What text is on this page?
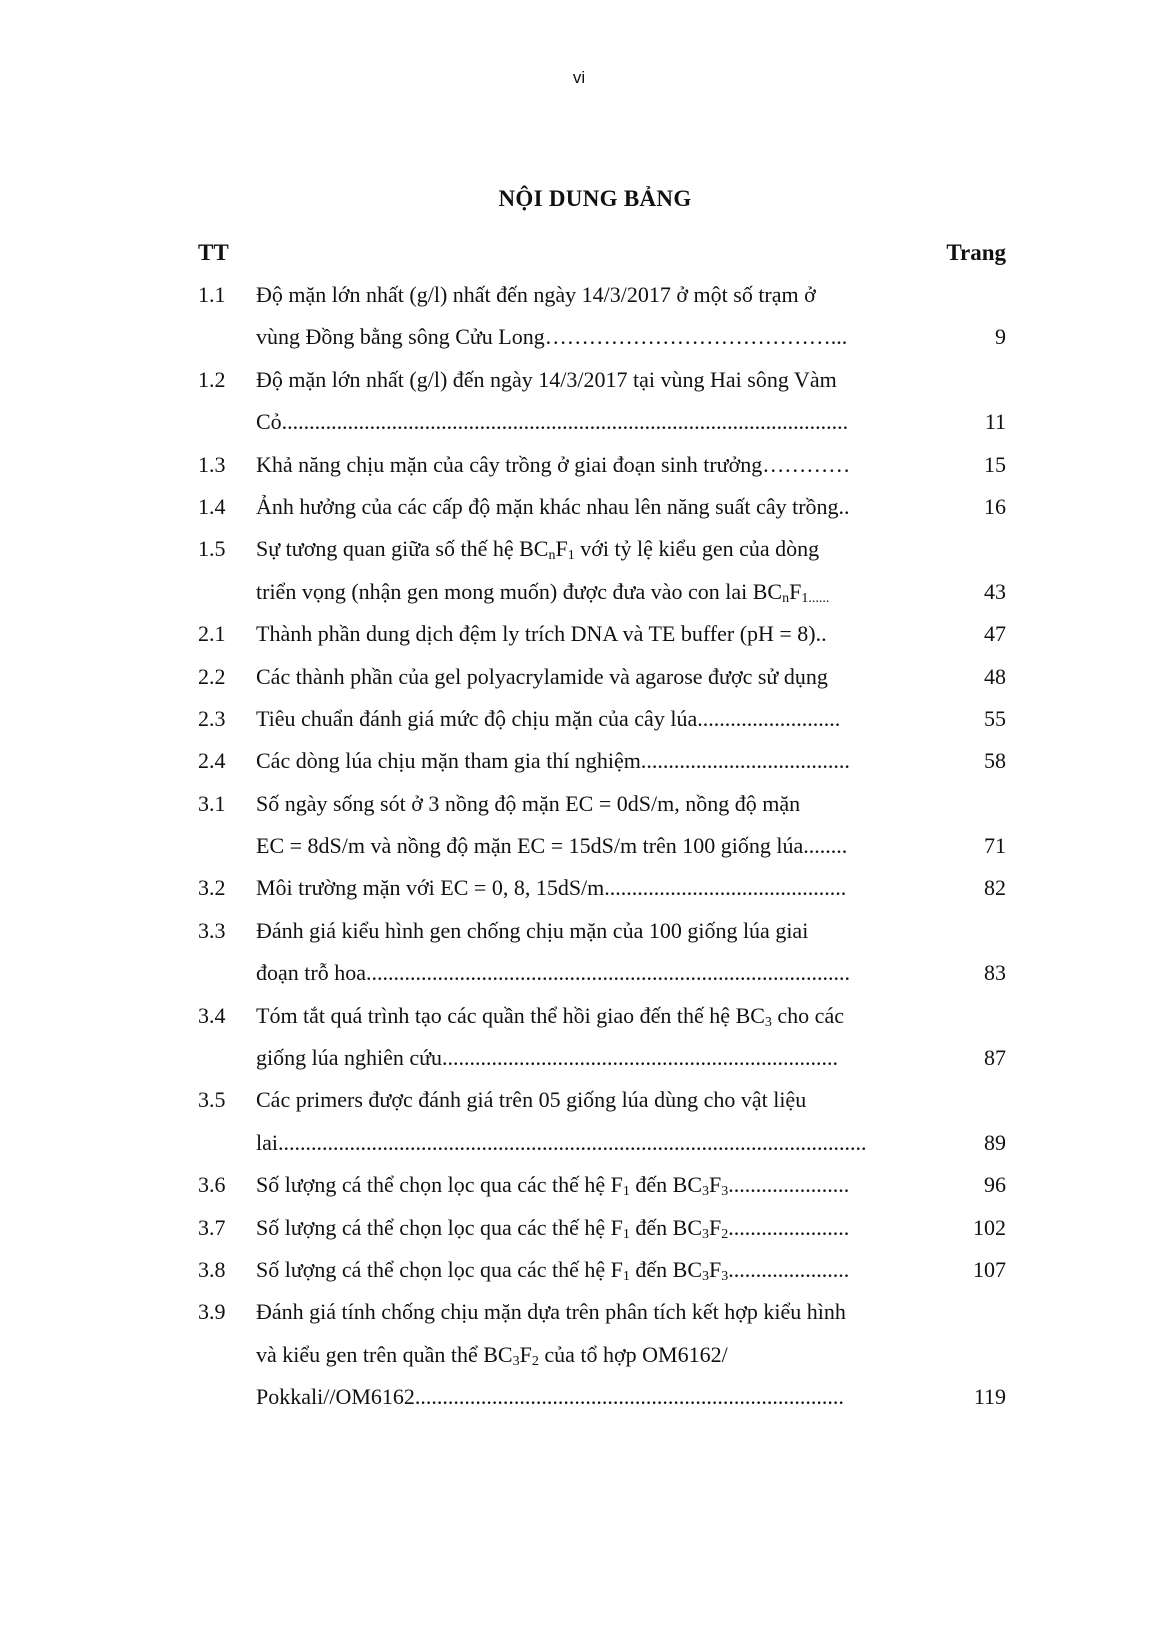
vi
NỘI DUNG BẢNG
TT	Trang
1.1 Độ mặn lớn nhất (g/l) nhất đến ngày 14/3/2017 ở một số trạm ở
vùng Đồng bằng sông Cửu Long…………………………………...	9
1.2 Độ mặn lớn nhất (g/l) đến ngày 14/3/2017 tại vùng Hai sông Vàm
Cỏ.......................................................................................................	11
1.3 Khả năng chịu mặn của cây trồng ở giai đoạn sinh trưởng…………	15
1.4 Ảnh hưởng của các cấp độ mặn khác nhau lên năng suất cây trồng..	16
1.5 Sự tương quan giữa số thế hệ $BC_nF_1$ với tỷ lệ kiểu gen của dòng
triển vọng (nhận gen mong muốn) được đưa vào con lai $BC_nF_{1......}$	43
2.1 Thành phần dung dịch đệm ly trích DNA và TE buffer (pH = 8)..	47
2.2 Các thành phần của gel polyacrylamide và agarose được sử dụng	48
2.3 Tiêu chuẩn đánh giá mức độ chịu mặn của cây lúa..........................	55
2.4 Các dòng lúa chịu mặn tham gia thí nghiệm......................................	58
3.1 Số ngày sống sót ở 3 nồng độ mặn EC = 0dS/m, nồng độ mặn
EC = 8dS/m và nồng độ mặn EC = 15dS/m trên 100 giống lúa........	71
3.2 Môi trường mặn với EC = 0, 8, 15dS/m............................................	82
3.3 Đánh giá kiểu hình gen chống chịu mặn của 100 giống lúa giai
đoạn trỗ hoa........................................................................................	83
3.4 Tóm tắt quá trình tạo các quần thể hồi giao đến thế hệ $BC_3$ cho các
giống lúa nghiên cứu........................................................................	87
3.5 Các primers được đánh giá trên 05 giống lúa dùng cho vật liệu
lai...........................................................................................................	89
3.6 Số lượng cá thể chọn lọc qua các thế hệ $F_1$ đến $BC_3F_3$......................	96
3.7 Số lượng cá thể chọn lọc qua các thế hệ $F_1$ đến $BC_3F_2$......................	102
3.8 Số lượng cá thể chọn lọc qua các thế hệ $F_1$ đến $BC_3F_3$......................	107
3.9 Đánh giá tính chống chịu mặn dựa trên phân tích kết hợp kiểu hình
và kiểu gen trên quần thể $BC_3F_2$ của tổ hợp OM6162/
Pokkali//OM6162..............................................................................	119
